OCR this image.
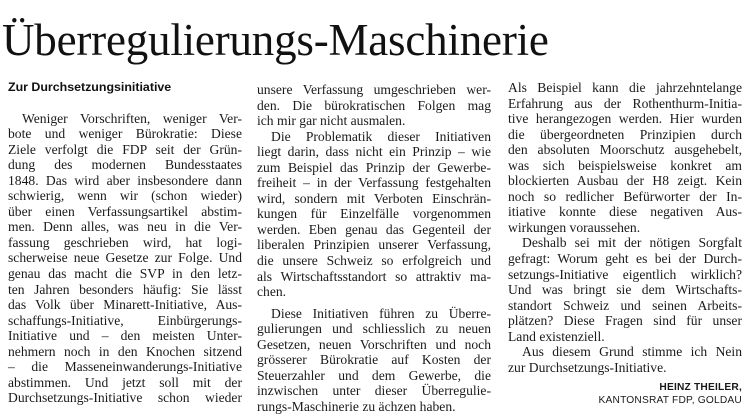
Überregulierungs-Maschinerie
Zur Durchsetzungsinitiative
Weniger Vorschriften, weniger Ver-
bote und weniger Bürokratie: Diese
Ziele verfolgt die FDP seit der Grün-
dung des modernen Bundesstaates
1848. Das wird aber insbesondere dann
schwierig, wenn wir (schon wieder)
über einen Verfassungsartikel abstim-
men. Denn alles, was neu in die Ver-
fassung geschrieben wird, hat logi-
scherweise neue Gesetze zur Folge. Und
genau das macht die SVP in den letz-
ten Jahren besonders häufig: Sie lässt
das Volk über Minarett-Initiative, Aus-
schaffungs-Initiative, Einbürgerungs-
Initiative und – den meisten Unter-
nehmern noch in den Knochen sitzend
– die Masseneinwanderungs-Initiative
abstimmen. Und jetzt soll mit der
Durchsetzungs-Initiative schon wieder
unsere Verfassung umgeschrieben wer-
den. Die bürokratischen Folgen mag
ich mir gar nicht ausmalen.
Die Problematik dieser Initiativen
liegt darin, dass nicht ein Prinzip – wie
zum Beispiel das Prinzip der Gewerbe-
freiheit – in der Verfassung festgehalten
wird, sondern mit Verboten Einschrän-
kungen für Einzelfälle vorgenommen
werden. Eben genau das Gegenteil der
liberalen Prinzipien unserer Verfassung,
die unsere Schweiz so erfolgreich und
als Wirtschaftsstandort so attraktiv ma-
chen.
Diese Initiativen führen zu Überre-
gulierungen und schliesslich zu neuen
Gesetzen, neuen Vorschriften und noch
grösserer Bürokratie auf Kosten der
Steuerzahler und dem Gewerbe, die
inzwischen unter dieser Überregulie-
rungs-Maschinerie zu ächzen haben.
Als Beispiel kann die jahrzehntelange
Erfahrung aus der Rothenthurm-Initia-
tive herangezogen werden. Hier wurden
die übergeordneten Prinzipien durch
den absoluten Moorschutz ausgehebelt,
was sich beispielsweise konkret am
blockierten Ausbau der H8 zeigt. Kein
noch so redlicher Befürworter der In-
itiative konnte diese negativen Aus-
wirkungen voraussehen.
Deshalb sei mit der nötigen Sorgfalt
gefragt: Worum geht es bei der Durch-
setzungs-Initiative eigentlich wirklich?
Und was bringt sie dem Wirtschafts-
standort Schweiz und seinen Arbeits-
plätzen? Diese Fragen sind für unser
Land existenziell.
Aus diesem Grund stimme ich Nein
zur Durchsetzungs-Initiative.
HEINZ THEILER,
KANTONSRAT FDP, GOLDAU
